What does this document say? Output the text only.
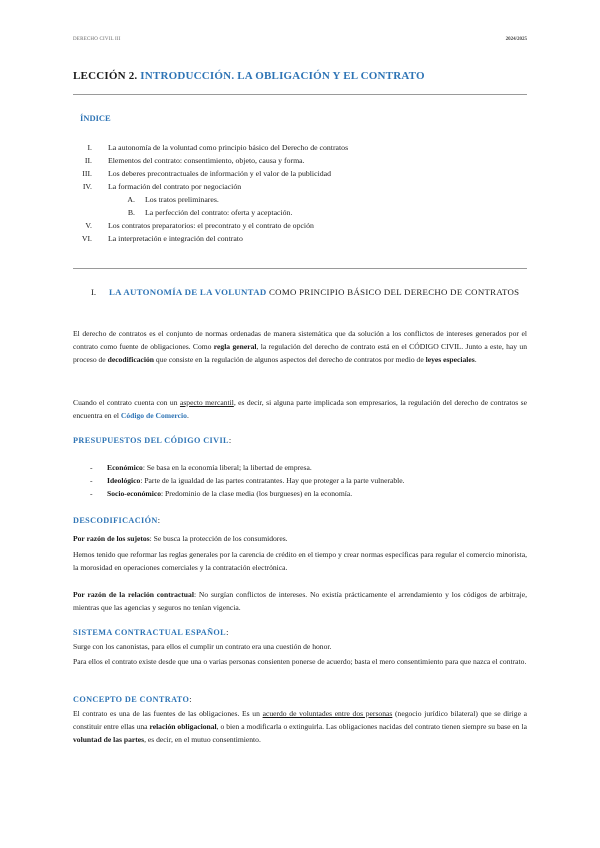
DERECHO CIVIL III	2024/2025
LECCIÓN 2. INTRODUCCIÓN. LA OBLIGACIÓN Y EL CONTRATO
ÍNDICE
I. La autonomía de la voluntad como principio básico del Derecho de contratos
II. Elementos del contrato: consentimiento, objeto, causa y forma.
III. Los deberes precontractuales de información y el valor de la publicidad
IV. La formación del contrato por negociación
A. Los tratos preliminares.
B. La perfección del contrato: oferta y aceptación.
V. Los contratos preparatorios: el precontrato y el contrato de opción
VI. La interpretación e integración del contrato
I. LA AUTONOMÍA DE LA VOLUNTAD COMO PRINCIPIO BÁSICO DEL DERECHO DE CONTRATOS
El derecho de contratos es el conjunto de normas ordenadas de manera sistemática que da solución a los conflictos de intereses generados por el contrato como fuente de obligaciones. Como regla general, la regulación del derecho de contrato está en el CÓDIGO CIVIL. Junto a este, hay un proceso de decodificación que consiste en la regulación de algunos aspectos del derecho de contratos por medio de leyes especiales.
Cuando el contrato cuenta con un aspecto mercantil, es decir, si alguna parte implicada son empresarios, la regulación del derecho de contratos se encuentra en el Código de Comercio.
PRESUPUESTOS DEL CÓDIGO CIVIL:
- Económico: Se basa en la economía liberal; la libertad de empresa.
- Ideológico: Parte de la igualdad de las partes contratantes. Hay que proteger a la parte vulnerable.
- Socio-económico: Predominio de la clase media (los burgueses) en la economía.
DESCODIFICACIÓN:
Por razón de los sujetos: Se busca la protección de los consumidores.
Hemos tenido que reformar las reglas generales por la carencia de crédito en el tiempo y crear normas específicas para regular el comercio minorista, la morosidad en operaciones comerciales y la contratación electrónica.
Por razón de la relación contractual: No surgían conflictos de intereses. No existía prácticamente el arrendamiento y los códigos de arbitraje, mientras que las agencias y seguros no tenían vigencia.
SISTEMA CONTRACTUAL ESPAÑOL:
Surge con los canonistas, para ellos el cumplir un contrato era una cuestión de honor.
Para ellos el contrato existe desde que una o varias personas consienten ponerse de acuerdo; basta el mero consentimiento para que nazca el contrato.
CONCEPTO DE CONTRATO:
El contrato es una de las fuentes de las obligaciones. Es un acuerdo de voluntades entre dos personas (negocio jurídico bilateral) que se dirige a constituir entre ellas una relación obligacional, o bien a modificarla o extinguirla. Las obligaciones nacidas del contrato tienen siempre su base en la voluntad de las partes, es decir, en el mutuo consentimiento.
